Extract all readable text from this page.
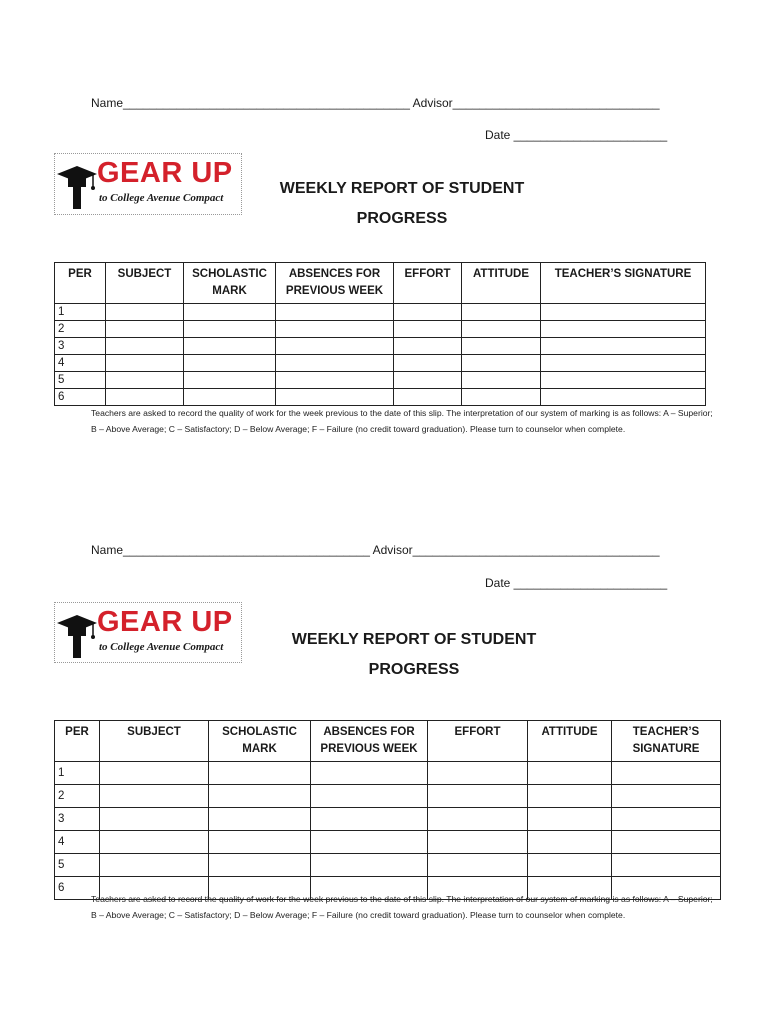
Name___________________________________________ Advisor_______________________________
Date _______________________
GEAR UP
to College Avenue Compact
WEEKLY REPORT OF STUDENT
PROGRESS
PER	SUBJECT	SCHOLASTIC MARK	ABSENCES FOR PREVIOUS WEEK	EFFORT	ATTITUDE	TEACHER’S SIGNATURE
1						
2						
3						
4						
5						
6						
Teachers are asked to record the quality of work for the week previous to the date of this slip. The interpretation of our system of marking is as follows: A – Superior; B – Above Average; C – Satisfactory; D – Below Average; F – Failure (no credit toward graduation). Please turn to counselor when complete.
Name_____________________________________ Advisor_____________________________________
Date _______________________
GEAR UP
to College Avenue Compact	WEEKLY REPORT OF STUDENT
PROGRESS
PER	SUBJECT	SCHOLASTIC MARK	ABSENCES FOR PREVIOUS WEEK	EFFORT	ATTITUDE	TEACHER’S SIGNATURE
1						
2						
3						
4						
5						
6						
Teachers are asked to record the quality of work for the week previous to the date of this slip. The interpretation of our system of marking is as follows: A – Superior; B – Above Average; C – Satisfactory; D – Below Average; F – Failure (no credit toward graduation). Please turn to counselor when complete.
